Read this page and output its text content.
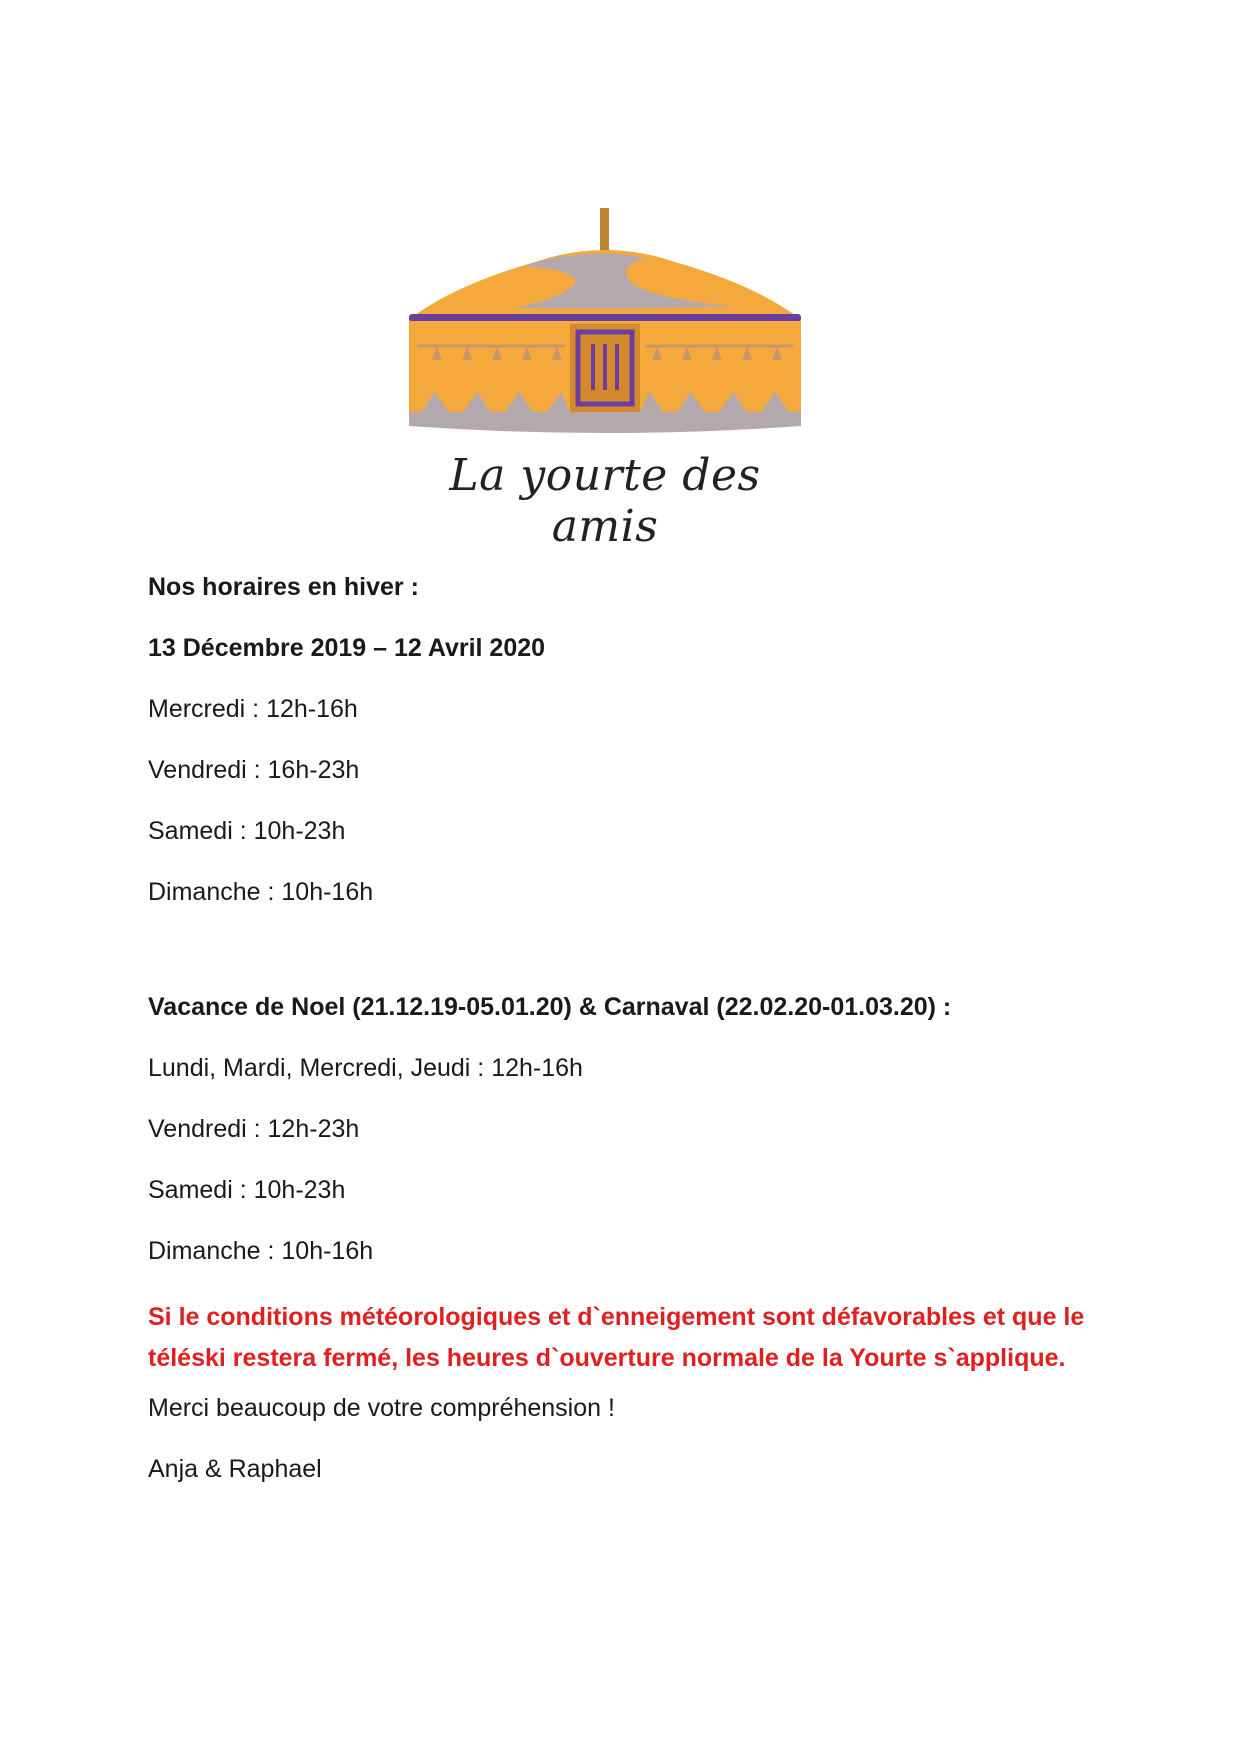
La yourte des amis
Nos horaires en hiver :
13 Décembre 2019 – 12 Avril 2020
Mercredi : 12h-16h
Vendredi : 16h-23h
Samedi : 10h-23h
Dimanche : 10h-16h
Vacance de Noel (21.12.19-05.01.20) & Carnaval (22.02.20-01.03.20) :
Lundi, Mardi, Mercredi, Jeudi : 12h-16h
Vendredi : 12h-23h
Samedi : 10h-23h
Dimanche : 10h-16h
Si le conditions météorologiques et d`enneigement sont défavorables et que le téléski restera fermé, les heures d`ouverture normale de la Yourte s`applique.
Merci beaucoup de votre compréhension !
Anja & Raphael
